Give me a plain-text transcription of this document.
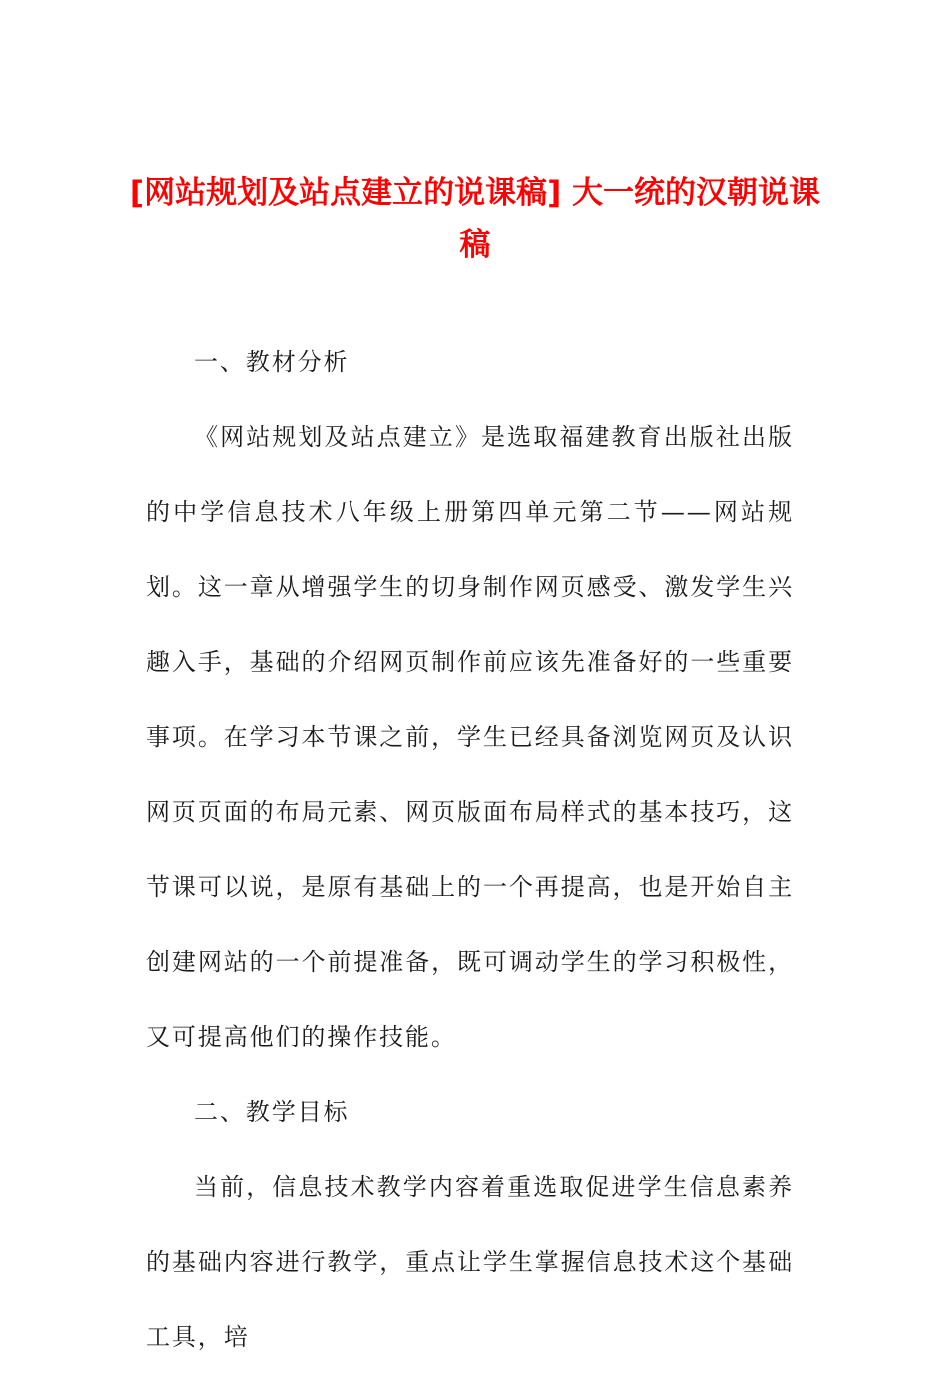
[网站规划及站点建立的说课稿] 大一统的汉朝说课稿

一、教材分析

《网站规划及站点建立》是选取福建教育出版社出版的中学信息技术八年级上册第四单元第二节——网站规划。这一章从增强学生的切身制作网页感受、激发学生兴趣入手，基础的介绍网页制作前应该先准备好的一些重要事项。在学习本节课之前，学生已经具备浏览网页及认识网页页面的布局元素、网页版面布局样式的基本技巧，这节课可以说，是原有基础上的一个再提高，也是开始自主创建网站的一个前提准备，既可调动学生的学习积极性，又可提高他们的操作技能。

二、教学目标

当前，信息技术教学内容着重选取促进学生信息素养的基础内容进行教学，重点让学生掌握信息技术这个基础工具，培
